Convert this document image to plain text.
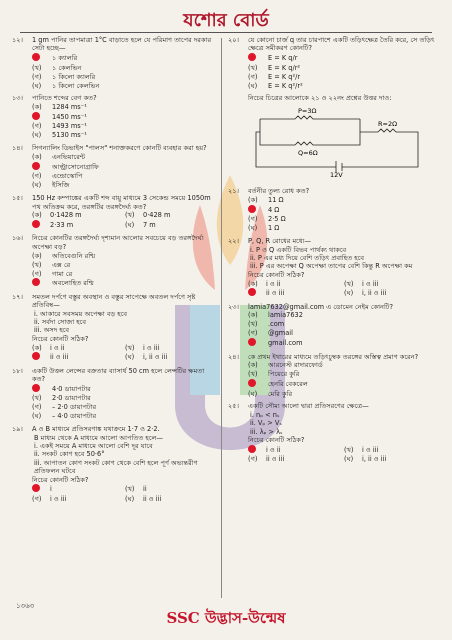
যশোর বোর্ড
১২।	1 gm পানির তাপমাত্রা 1°C বাড়াতে হলে যে পরিমাণ তাপের দরকার সেটা হচ্ছে—
১ ক্যালরি
(খ)	১ কেলভিন
(গ)	১ কিলো ক্যালরি
(ঘ)	১ কিলো কেলভিন
১৩।	পানিতে শব্দের বেগ কত?
(ক)	1284 ms⁻¹
1450 ms⁻¹
(গ)	1493 ms⁻¹
(ঘ)	5130 ms⁻¹
১৪।	সিগন্যালিং ডিভাইস "পালস" শনাক্তকরণে কোনটি ব্যবহার করা হয়?
(ক)	এনভিয়ারেন্ট
আল্ট্রাসোনোগ্রাফি
(গ)	এন্ডোস্কোপি
(ঘ)	ইসিজি
১৫।	150 Hz কম্পাঙ্কের একটি শব্দ বায়ু মাধ্যমে 3 সেকেন্ড সময়ে 1050m পথ অতিক্রম করে, তরঙ্গটির তরঙ্গদৈর্ঘ্য কত?
(ক)	0·1428 m	(খ)	0·428 m
2·33 m	(ঘ)	7 m
১৬।	নিচের কোনটির তরঙ্গদৈর্ঘ্য দৃশ্যমান আলোর সবচেয়ে বড় তরঙ্গদৈর্ঘ্য অপেক্ষা বড়?
(ক)	অতিবেগুনি রশ্মি
(খ)	এক্স রে
(গ)	গামা রে
অবলোহিত রশ্মি
১৭।	সমতল দর্পণে বস্তুর অবস্থান ও বস্তুর সাপেক্ষে অবতল দর্পণে সৃষ্ট প্রতিবিম্ব—
i. আকারে সবসময় অপেক্ষা বড় হবে
ii. সর্বদা সোজা হবে
iii. অসদ হবে
নিচের কোনটি সঠিক?
(ক)	i ও ii	(খ)	i ও iii
ii ও iii	(ঘ)	i, ii ও iii
১৮।	একটি উত্তল লেন্সের বক্রতার ব্যাসার্ধ 50 cm হলে লেন্সটির ক্ষমতা কত?
4·0 ডায়াপটার
(খ)	2·0 ডায়াপটার
(গ)	– 2·0 ডায়াপটার
(ঘ)	– 4·0 ডায়াপটার
১৯।	A ও B মাধ্যমে প্রতিসরণাঙ্ক যথাক্রমে 1·7 ও 2·2.
B মাধ্যম থেকে A মাধ্যমে আলো আপতিত হলে—
i. একই সময়ে A মাধ্যমে আলো বেশি দূর যাবে
ii. সংকট কোণ হবে 50·6°
iii. আপাতন কোণ সংকট কোণ থেকে বেশি হলে পূর্ণ অভ্যন্তরীণ প্রতিফলন ঘটবে
নিচের কোনটি সঠিক?
i	(খ)	ii
(গ)	i ও iii	(ঘ)	ii ও iii
২০।	যে কোনো চার্জ q তার চারপাশে একটি তড়িৎক্ষেত্র তৈরি করে, সে তড়িৎ ক্ষেত্রে সমীকরণ কোনটি?
E = K q/r
(খ)	E = K q/r²
(গ)	E = K q²/r
(ঘ)	E = K q²/r²
নিচের চিত্রের আলোকে ২১ ও ২২নং প্রশ্নের উত্তর দাও:
P=3Ω
Q=6Ω
R=2Ω
12V
২১।	বর্তনীর তুল্য রোধ কত?
(ক)	11 Ω
4 Ω
(গ)	2·5 Ω
(ঘ)	1 Ω
২২।	P, Q, R রোধের মধ্যে—
i. P ও Q একটি বিভব পার্থক্য থাকবে
ii. P এর মধ্য দিয়ে বেশি তড়িৎ প্রবাহিত হবে
iii. P এর অপেক্ষা Q অপেক্ষা তাপের বেশি কিন্তু R অপেক্ষা কম
নিচের কোনটি সঠিক?
(ক)	i ও ii	(খ)	i ও iii
ii ও iii	(ঘ)	i, ii ও iii
২৩।	lamia7632@gmail.com এ ডোমেন নেইম কোনটি?
(ক)	lamia7632
(খ)	.com
(গ)	@gmail
gmail.com
২৪।	কে প্রথম ইথারের মাধ্যমে তড়িৎচুম্বক তরঙ্গের অস্তিত্ব প্রমাণ করেন?
(ক)	আরনেস্ট রাদারফোর্ড
(খ)	পিয়েরে কুরি
হেনরি বেকরেল
(ঘ)	মেরি কুরি
২৫।	একটি সৌম্য আলো দ্বারা প্রতিসরণের ক্ষেত্রে—
i. nₚ < nₛ
ii. Vₚ > Vₛ
iii. λₚ > λₛ
নিচের কোনটি সঠিক?
i ও ii	(খ)	i ও iii
(গ)	ii ও iii	(ঘ)	i, ii ও iii
১৩৬৩
SSC উদ্ভাস-উন্মেষ
